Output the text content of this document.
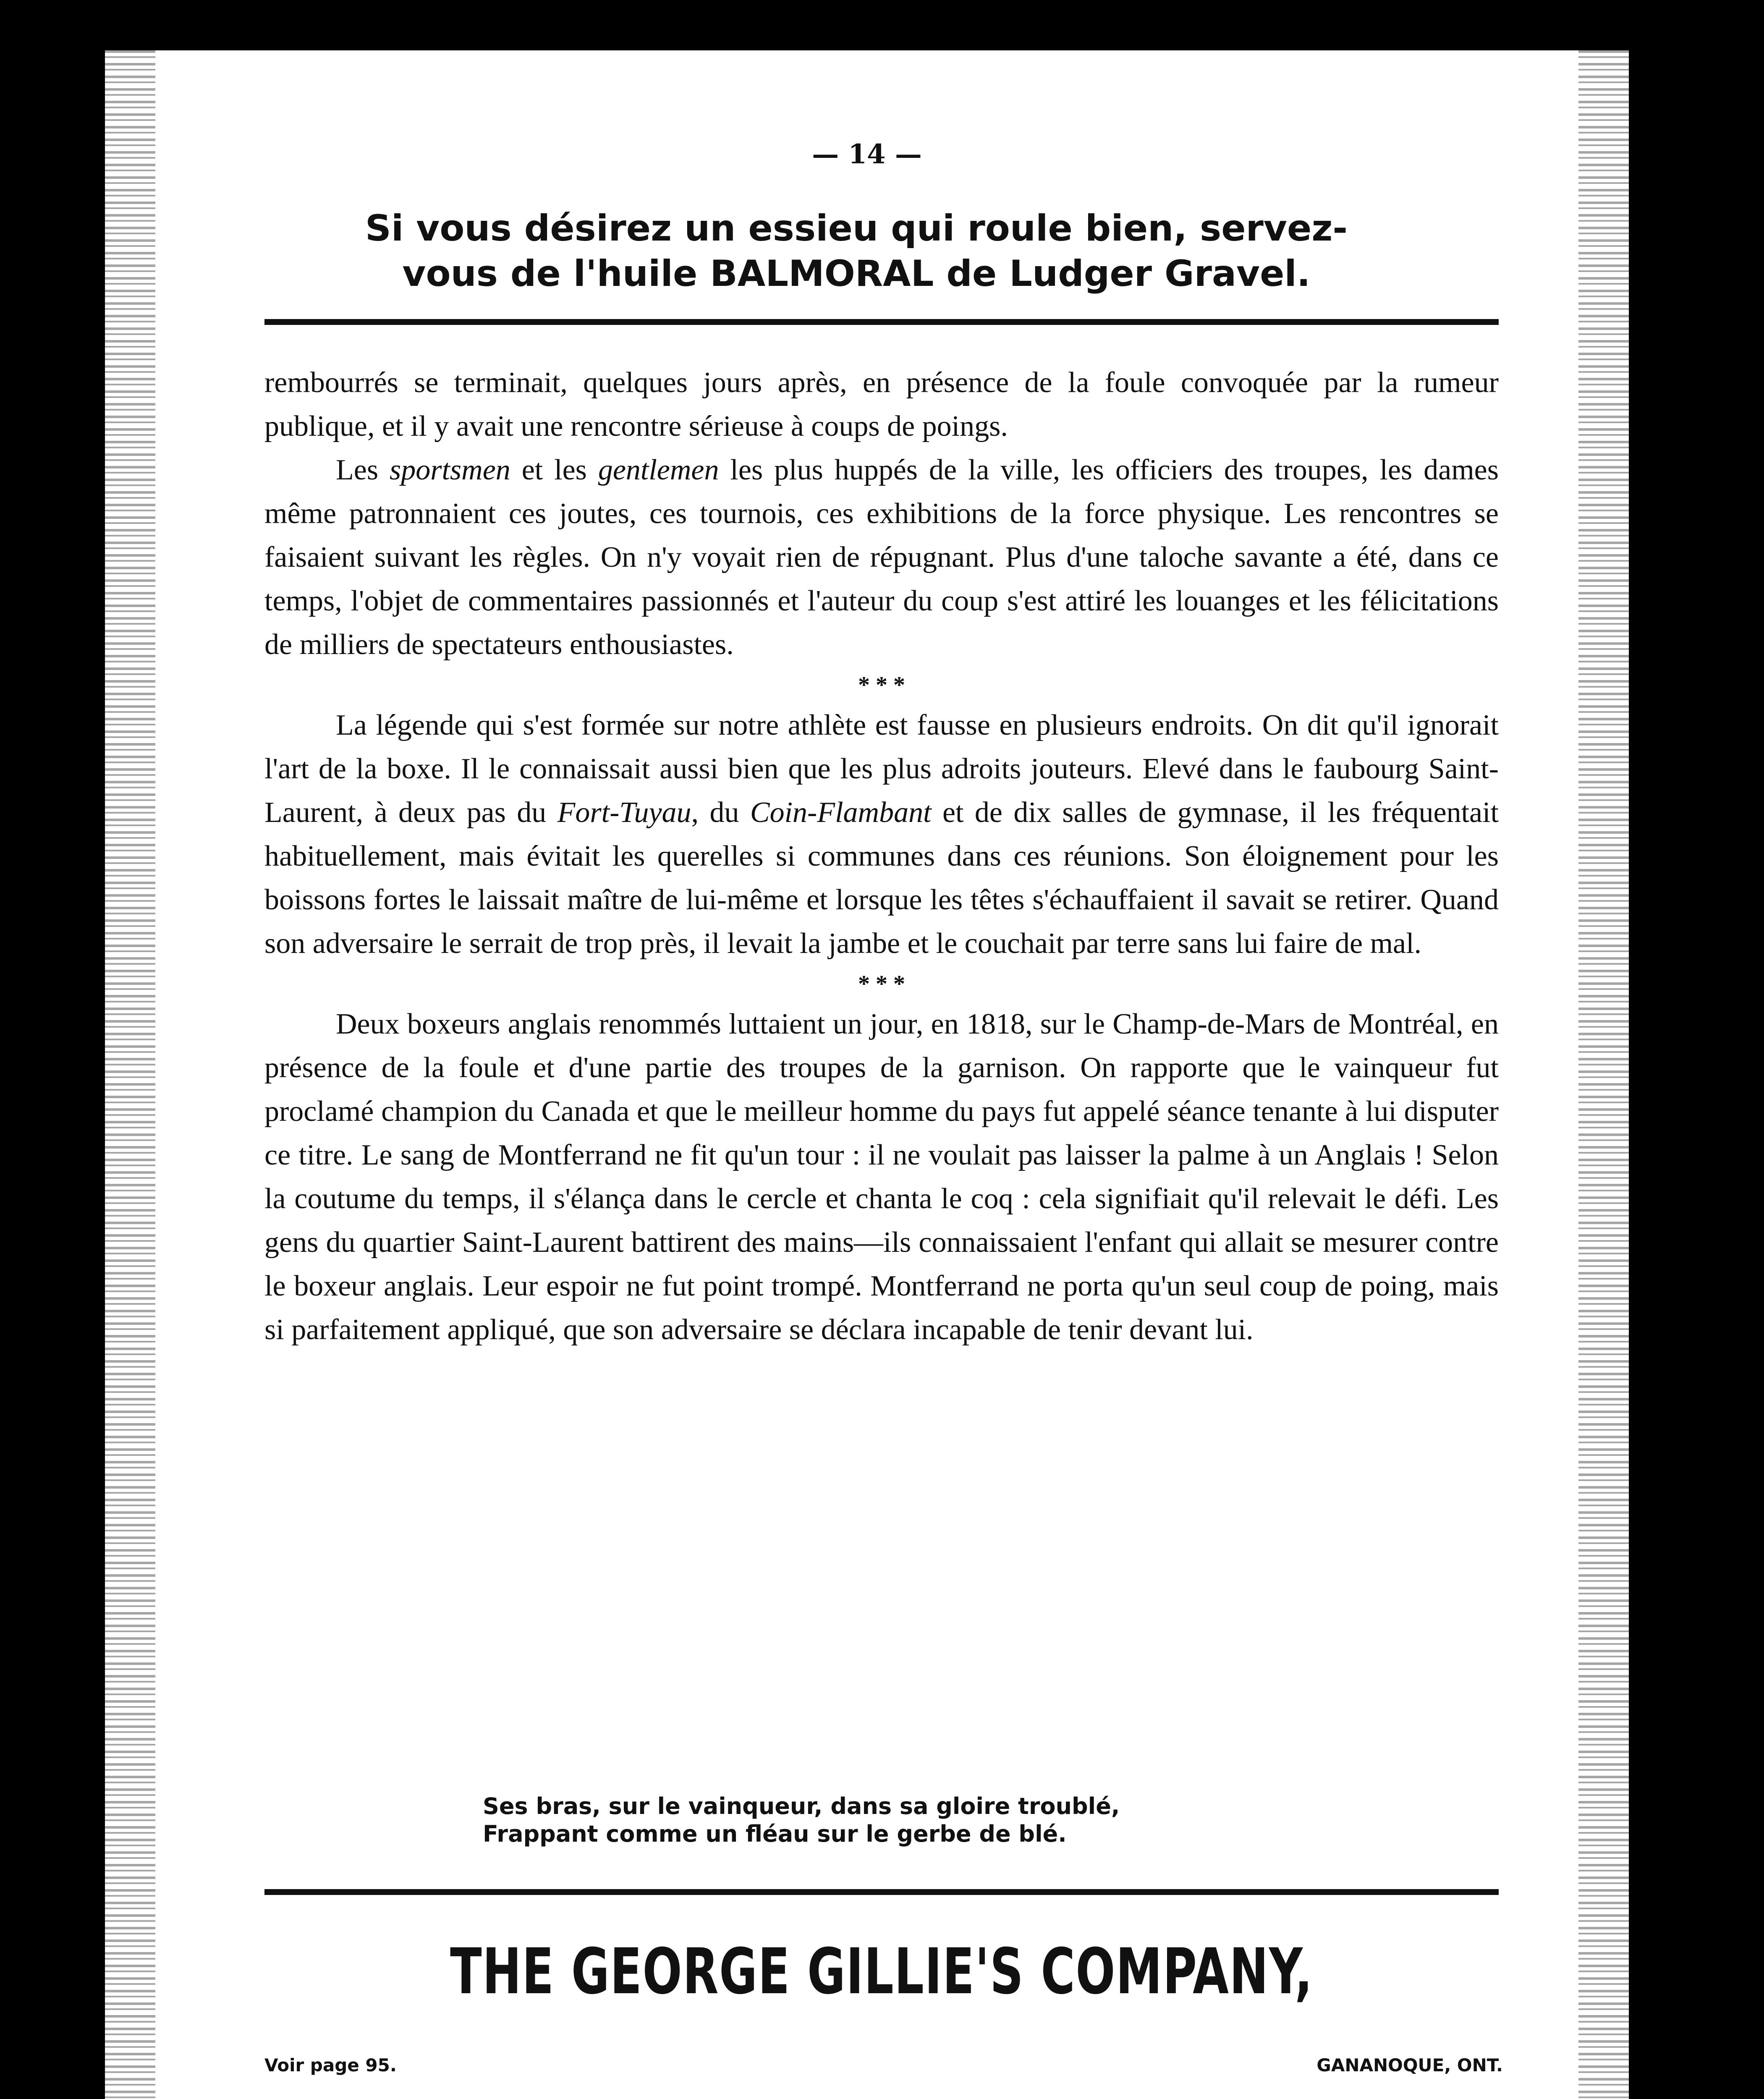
— 14 —
Si vous désirez un essieu qui roule bien, servez-
vous de l'huile BALMORAL de Ludger Gravel.

rembourrés se terminait, quelques jours après, en présence de la foule convoquée par la rumeur publique, et il y avait une rencontre sérieuse à coups de poings.

Les sportsmen et les gentlemen les plus huppés de la ville, les officiers des troupes, les dames même patronnaient ces joutes, ces tournois, ces exhibitions de la force physique. Les rencontres se faisaient suivant les règles. On n'y voyait rien de répugnant. Plus d'une taloche savante a été, dans ce temps, l'objet de commentaires passionnés et l'auteur du coup s'est attiré les louanges et les félicitations de milliers de spectateurs enthousiastes.

* * *

La légende qui s'est formée sur notre athlète est fausse en plusieurs endroits. On dit qu'il ignorait l'art de la boxe. Il le connaissait aussi bien que les plus adroits jouteurs. Elevé dans le faubourg Saint-Laurent, à deux pas du Fort-Tuyau, du Coin-Flambant et de dix salles de gymnase, il les fréquentait habituellement, mais évitait les querelles si communes dans ces réunions. Son éloignement pour les boissons fortes le laissait maître de lui-même et lorsque les têtes s'échauffaient il savait se retirer. Quand son adversaire le serrait de trop près, il levait la jambe et le couchait par terre sans lui faire de mal.

* * *

Deux boxeurs anglais renommés luttaient un jour, en 1818, sur le Champ-de-Mars de Montréal, en présence de la foule et d'une partie des troupes de la garnison. On rapporte que le vainqueur fut proclamé champion du Canada et que le meilleur homme du pays fut appelé séance tenante à lui disputer ce titre. Le sang de Montferrand ne fit qu'un tour : il ne voulait pas laisser la palme à un Anglais ! Selon la coutume du temps, il s'élança dans le cercle et chanta le coq : cela signifiait qu'il relevait le défi. Les gens du quartier Saint-Laurent battirent des mains—ils connaissaient l'enfant qui allait se mesurer contre le boxeur anglais. Leur espoir ne fut point trompé. Montferrand ne porta qu'un seul coup de poing, mais si parfaitement appliqué, que son adversaire se déclara incapable de tenir devant lui.

Ses bras, sur le vainqueur, dans sa gloire troublé,
Frappant comme un fléau sur le gerbe de blé.
THE GEORGE GILLIE'S COMPANY,
Voir page 95.	GANANOQUE, ONT.
